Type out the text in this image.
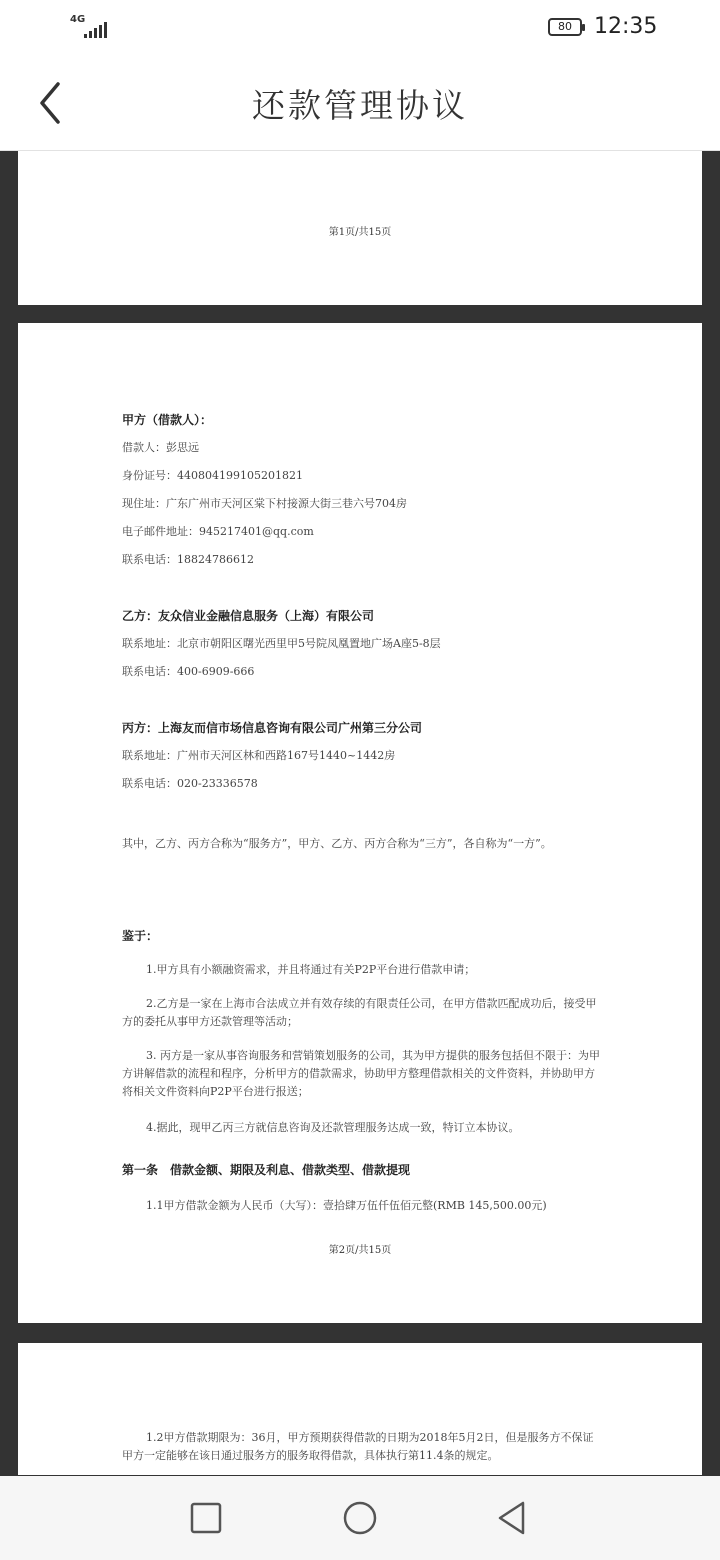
4G
80	12:35
还款管理协议
第1页/共15页
甲方（借款人）：
借款人：彭思远
身份证号：440804199105201821
现住址：广东广州市天河区棠下村接源大街三巷六号704房
电子邮件地址：945217401@qq.com
联系电话：18824786612
乙方：友众信业金融信息服务（上海）有限公司
联系地址：北京市朝阳区曙光西里甲5号院凤凰置地广场A座5-8层
联系电话：400-6909-666
丙方：上海友而信市场信息咨询有限公司广州第三分公司
联系地址：广州市天河区林和西路167号1440~1442房
联系电话：020-23336578
其中，乙方、丙方合称为“服务方”，甲方、乙方、丙方合称为“三方”，各自称为“一方”。
鉴于：
1.甲方具有小额融资需求，并且将通过有关P2P平台进行借款申请；
2.乙方是一家在上海市合法成立并有效存续的有限责任公司，在甲方借款匹配成功后，接受甲方的委托从事甲方还款管理等活动；
3. 丙方是一家从事咨询服务和营销策划服务的公司，其为甲方提供的服务包括但不限于：为甲方讲解借款的流程和程序，分析甲方的借款需求，协助甲方整理借款相关的文件资料，并协助甲方将相关文件资料向P2P平台进行报送；
4.据此，现甲乙丙三方就信息咨询及还款管理服务达成一致，特订立本协议。
第一条　借款金额、期限及利息、借款类型、借款提现
1.1甲方借款金额为人民币（大写）：壹拾肆万伍仟伍佰元整(RMB 145,500.00元)
第2页/共15页
1.2甲方借款期限为：36月，甲方预期获得借款的日期为2018年5月2日，但是服务方不保证甲方一定能够在该日通过服务方的服务取得借款，具体执行第11.4条的规定。
